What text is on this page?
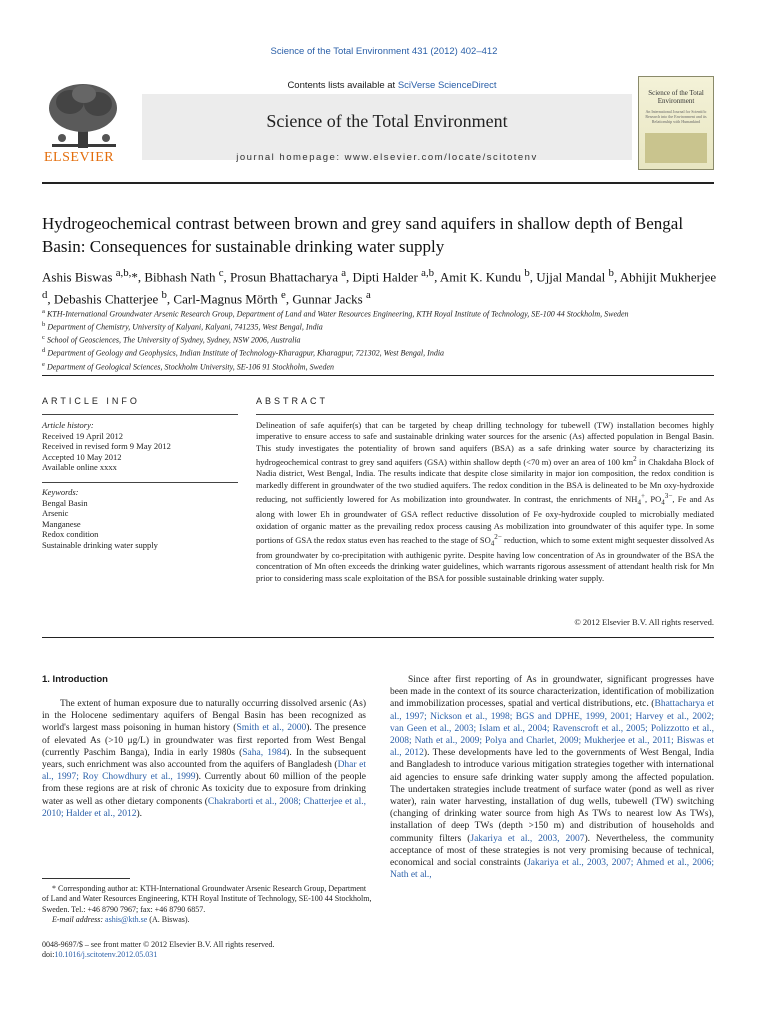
Science of the Total Environment 431 (2012) 402–412
ELSEVIER
Science of the Total Environment
journal homepage: www.elsevier.com/locate/scitotenv
Contents lists available at SciVerse ScienceDirect
Science of the Total Environment
An International Journal for Scientific Research into the Environment and its Relationship with Humankind
Hydrogeochemical contrast between brown and grey sand aquifers in shallow depth of Bengal Basin: Consequences for sustainable drinking water supply
Ashis Biswas $^{a,b,}$*, Bibhash Nath $^c$, Prosun Bhattacharya $^a$, Dipti Halder $^{a,b}$, Amit K. Kundu $^b$, Ujjal Mandal $^b$, Abhijit Mukherjee $^d$, Debashis Chatterjee $^b$, Carl-Magnus Mörth $^e$, Gunnar Jacks $^a$
$^a$ KTH-International Groundwater Arsenic Research Group, Department of Land and Water Resources Engineering, KTH Royal Institute of Technology, SE-100 44 Stockholm, Sweden
$^b$ Department of Chemistry, University of Kalyani, Kalyani, 741235, West Bengal, India
$^c$ School of Geosciences, The University of Sydney, Sydney, NSW 2006, Australia
$^d$ Department of Geology and Geophysics, Indian Institute of Technology-Kharagpur, Kharagpur, 721302, West Bengal, India
$^e$ Department of Geological Sciences, Stockholm University, SE-106 91 Stockholm, Sweden
ARTICLE INFO	ABSTRACT
Article history:
Received 19 April 2012
Received in revised form 9 May 2012
Accepted 10 May 2012
Available online xxxx
Keywords:
Bengal Basin
Arsenic
Manganese
Redox condition
Sustainable drinking water supply
Delineation of safe aquifer(s) that can be targeted by cheap drilling technology for tubewell (TW) installation becomes highly imperative to ensure access to safe and sustainable drinking water sources for the arsenic (As) affected population in Bengal Basin. This study investigates the potentiality of brown sand aquifers (BSA) as a safe drinking water source by characterizing its hydrogeochemical contrast to grey sand aquifers (GSA) within shallow depth (<70 m) over an area of 100 $km^2$ in Chakdaha Block of Nadia district, West Bengal, India. The results indicate that despite close similarity in major ion composition, the redox condition is markedly different in groundwater of the two studied aquifers. The redox condition in the BSA is delineated to be Mn oxy-hydroxide reducing, not sufficiently lowered for As mobilization into groundwater. In contrast, the enrichments of $NH_4^+$, $PO_4^{3-}$, Fe and As along with lower Eh in groundwater of GSA reflect reductive dissolution of Fe oxy-hydroxide coupled to microbially mediated oxidation of organic matter as the prevailing redox process causing As mobilization into groundwater of this aquifer type. In some portions of GSA the redox status even has reached to the stage of $SO_4^{2-}$ reduction, which to some extent might sequester dissolved As from groundwater by co-precipitation with authigenic pyrite. Despite having low concentration of As in groundwater of the BSA the concentration of Mn often exceeds the drinking water guidelines, which warrants rigorous assessment of attendant health risk for Mn prior to considering mass scale exploitation of the BSA for possible sustainable drinking water supply.
© 2012 Elsevier B.V. All rights reserved.
1. Introduction

The extent of human exposure due to naturally occurring dissolved arsenic (As) in the Holocene sedimentary aquifers of Bengal Basin has been recognized as world's largest mass poisoning in human history (Smith et al., 2000). The presence of elevated As (>10 μg/L) in groundwater was first reported from West Bengal (currently Paschim Banga), India in early 1980s (Saha, 1984). In the subsequent years, such enrichment was also accounted from the aquifers of Bangladesh (Dhar et al., 1997; Roy Chowdhury et al., 1999). Currently about 60 million of the people from these regions are at risk of chronic As toxicity due to exposure from drinking water as well as other dietary components (Chakraborti et al., 2008; Chatterjee et al., 2010; Halder et al., 2012).

Since after first reporting of As in groundwater, significant progresses have been made in the context of its source characterization, identification of mobilization and immobilization processes, spatial and vertical distributions, etc. (Bhattacharya et al., 1997; Nickson et al., 1998; BGS and DPHE, 1999, 2001; Harvey et al., 2002; van Geen et al., 2003; Islam et al., 2004; Ravenscroft et al., 2005; Polizzotto et al., 2008; Nath et al., 2009; Polya and Charlet, 2009; Mukherjee et al., 2011; Biswas et al., 2012). These developments have led to the governments of West Bengal, India and Bangladesh to introduce various mitigation strategies together with international aid agencies to ensure safe drinking water supply among the affected population. The undertaken strategies include treatment of surface water (pond as well as river water), rain water harvesting, installation of dug wells, tubewell (TW) switching (changing of drinking water source from high As TWs to nearest low As TWs), installation of deep TWs (depth >150 m) and distribution of households and community filters (Jakariya et al., 2003, 2007). Nevertheless, the community acceptance of most of these strategies is not very promising because of technical, economical and social constraints (Jakariya et al., 2003, 2007; Ahmed et al., 2006; Nath et al.,

* Corresponding author at: KTH-International Groundwater Arsenic Research Group, Department of Land and Water Resources Engineering, KTH Royal Institute of Technology, SE-100 44 Stockholm, Sweden. Tel.: +46 8790 7967; fax: +46 8790 6857.
E-mail address: ashis@kth.se (A. Biswas).
0048-9697/$ – see front matter © 2012 Elsevier B.V. All rights reserved.
doi:10.1016/j.scitotenv.2012.05.031
